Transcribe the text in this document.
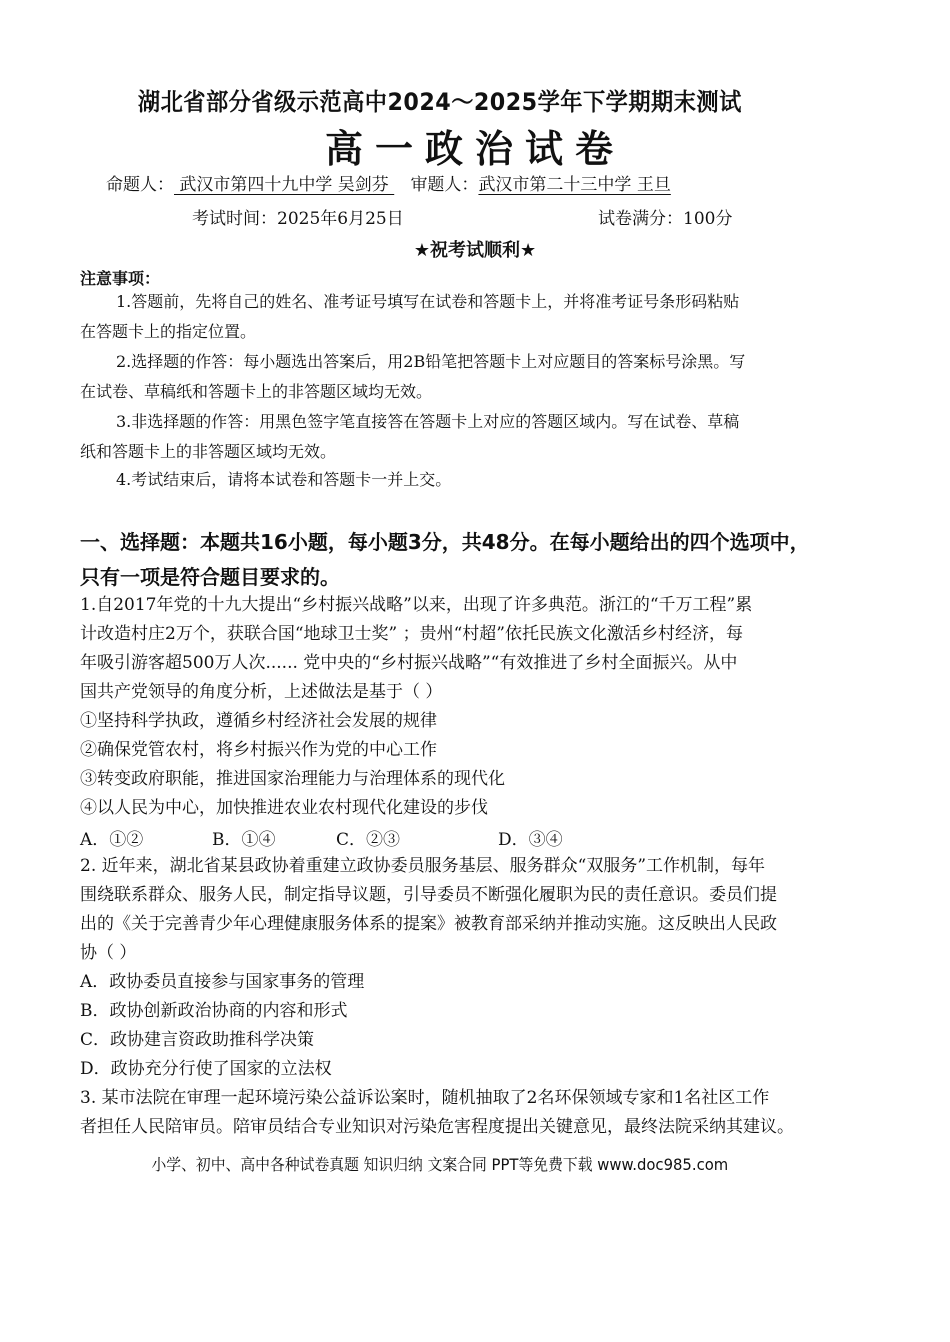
湖北省部分省级示范高中2024～2025学年下学期期末测试
高一政治试卷
命题人： 武汉市第四十九中学 吴剑芬    审题人：武汉市第二十三中学 王旦
考试时间：2025年6月25日	试卷满分：100分
★祝考试顺利★
注意事项：
1.答题前，先将自己的姓名、准考证号填写在试卷和答题卡上，并将准考证号条形码粘贴
在答题卡上的指定位置。
2.选择题的作答：每小题选出答案后，用2B铅笔把答题卡上对应题目的答案标号涂黑。写
在试卷、草稿纸和答题卡上的非答题区域均无效。
3.非选择题的作答：用黑色签字笔直接答在答题卡上对应的答题区域内。写在试卷、草稿
纸和答题卡上的非答题区域均无效。
4.考试结束后，请将本试卷和答题卡一并上交。
一、选择题：本题共16小题，每小题3分，共48分。在每小题给出的四个选项中，
只有一项是符合题目要求的。
1.自2017年党的十九大提出“乡村振兴战略”以来，出现了许多典范。浙江的“千万工程”累
计改造村庄2万个，获联合国“地球卫士奖” ；贵州“村超”依托民族文化激活乡村经济，每
年吸引游客超500万人次...... 党中央的“乡村振兴战略”“有效推进了乡村全面振兴。从中
国共产党领导的角度分析，上述做法是基于（ ）
①坚持科学执政，遵循乡村经济社会发展的规律
②确保党管农村，将乡村振兴作为党的中心工作
③转变政府职能，推进国家治理能力与治理体系的现代化
④以人民为中心，加快推进农业农村现代化建设的步伐
A．①②	B．①④	C．②③	D．③④
2. 近年来，湖北省某县政协着重建立政协委员服务基层、服务群众“双服务”工作机制，每年
围绕联系群众、服务人民，制定指导议题，引导委员不断强化履职为民的责任意识。委员们提
出的《关于完善青少年心理健康服务体系的提案》被教育部采纳并推动实施。这反映出人民政
协（ ）
A．政协委员直接参与国家事务的管理
B．政协创新政治协商的内容和形式
C．政协建言资政助推科学决策
D．政协充分行使了国家的立法权
3. 某市法院在审理一起环境污染公益诉讼案时，随机抽取了2名环保领域专家和1名社区工作
者担任人民陪审员。陪审员结合专业知识对污染危害程度提出关键意见，最终法院采纳其建议。
小学、初中、高中各种试卷真题 知识归纳 文案合同 PPT等免费下载 www.doc985.com
